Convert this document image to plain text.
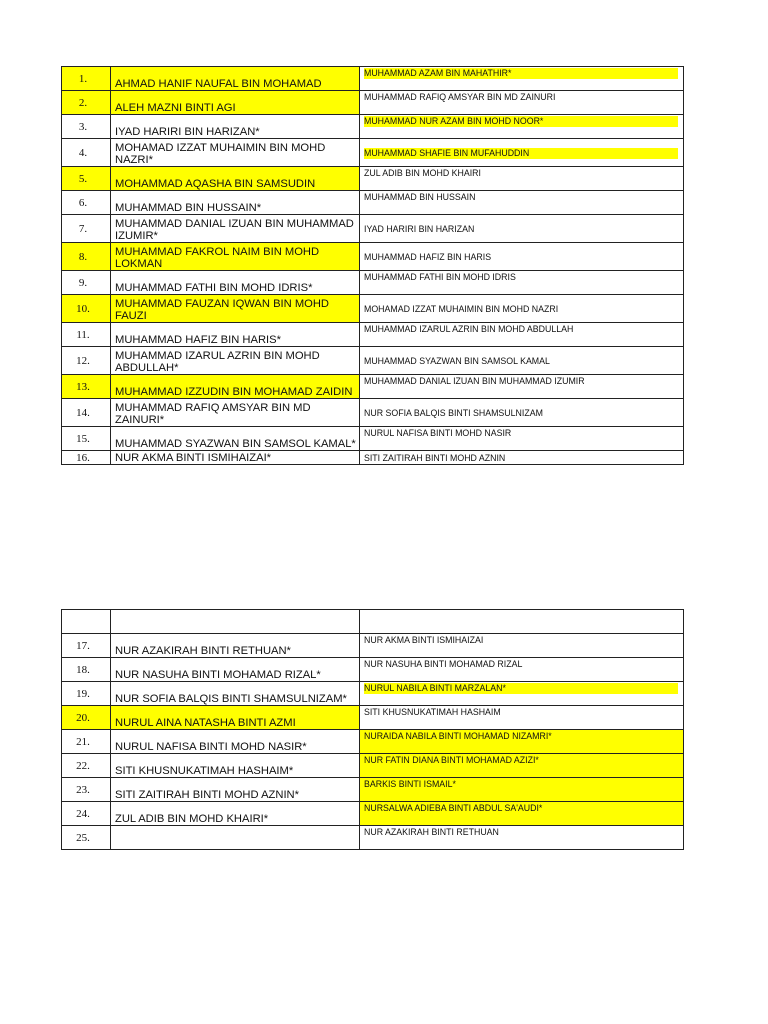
1.	AHMAD HANIF NAUFAL BIN MOHAMAD	MUHAMMAD AZAM BIN MAHATHIR*

2.	ALEH MAZNI BINTI AGI	MUHAMMAD RAFIQ AMSYAR BIN MD ZAINURI

3.	IYAD HARIRI BIN HARIZAN*	MUHAMMAD NUR AZAM BIN MOHD NOOR*

4.	MOHAMAD IZZAT MUHAIMIN BIN MOHD NAZRI*	MUHAMMAD SHAFIE BIN MUFAHUDDIN

5.	MOHAMMAD AQASHA BIN SAMSUDIN	ZUL ADIB BIN MOHD KHAIRI

6.	MUHAMMAD BIN HUSSAIN*	MUHAMMAD BIN HUSSAIN

7.	MUHAMMAD DANIAL IZUAN BIN MUHAMMAD IZUMIR*	IYAD HARIRI BIN HARIZAN

8.	MUHAMMAD FAKROL NAIM BIN MOHD LOKMAN	MUHAMMAD HAFIZ BIN HARIS

9.	MUHAMMAD FATHI BIN MOHD IDRIS*	MUHAMMAD FATHI BIN MOHD IDRIS

10.	MUHAMMAD FAUZAN IQWAN BIN MOHD FAUZI	MOHAMAD IZZAT MUHAIMIN BIN MOHD NAZRI

11.	MUHAMMAD HAFIZ BIN HARIS*	MUHAMMAD IZARUL AZRIN BIN MOHD ABDULLAH

12.	MUHAMMAD IZARUL AZRIN BIN MOHD ABDULLAH*	MUHAMMAD SYAZWAN BIN SAMSOL KAMAL

13.	MUHAMMAD IZZUDIN BIN MOHAMAD ZAIDIN	MUHAMMAD DANIAL IZUAN BIN MUHAMMAD IZUMIR

14.	MUHAMMAD RAFIQ AMSYAR BIN MD ZAINURI*	NUR SOFIA BALQIS BINTI SHAMSULNIZAM

15.	MUHAMMAD SYAZWAN BIN SAMSOL KAMAL*	NURUL NAFISA BINTI MOHD NASIR

16.	NUR AKMA BINTI ISMIHAIZAI*	SITI ZAITIRAH BINTI MOHD AZNIN

17.	NUR AZAKIRAH BINTI RETHUAN*	NUR AKMA BINTI ISMIHAIZAI

18.	NUR NASUHA BINTI MOHAMAD RIZAL*	NUR NASUHA BINTI MOHAMAD RIZAL

19.	NUR SOFIA BALQIS BINTI SHAMSULNIZAM*	NURUL NABILA BINTI MARZALAN*

20.	NURUL AINA NATASHA BINTI AZMI	SITI KHUSNUKATIMAH HASHAIM

21.	NURUL NAFISA BINTI MOHD NASIR*	NURAIDA NABILA BINTI MOHAMAD NIZAMRI*

22.	SITI KHUSNUKATIMAH HASHAIM*	NUR FATIN DIANA BINTI MOHAMAD AZIZI*

23.	SITI ZAITIRAH BINTI MOHD AZNIN*	BARKIS BINTI ISMAIL*

24.	ZUL ADIB BIN MOHD KHAIRI*	NURSALWA ADIEBA BINTI ABDUL SA'AUDI*

25.		NUR AZAKIRAH BINTI RETHUAN
